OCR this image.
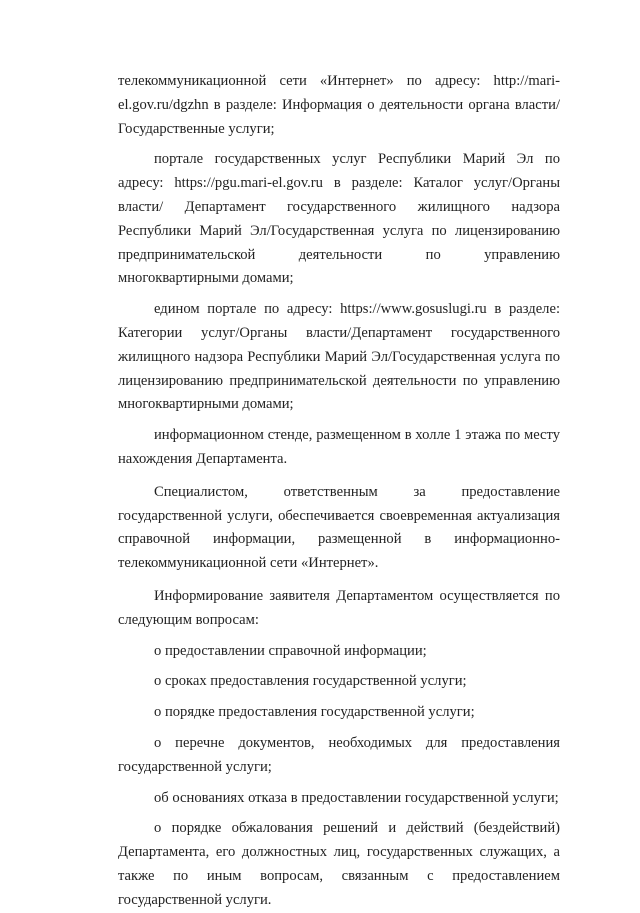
телекоммуникационной сети «Интернет» по адресу: http://mari-el.gov.ru/dgzhn в разделе: Информация о деятельности органа власти/Государственные услуги;

портале государственных услуг Республики Марий Эл по адресу: https://pgu.mari-el.gov.ru в разделе: Каталог услуг/Органы власти/ Департамент государственного жилищного надзора Республики Марий Эл/Государственная услуга по лицензированию предпринимательской деятельности по управлению многоквартирными домами;

едином портале по адресу: https://www.gosuslugi.ru в разделе: Категории услуг/Органы власти/Департамент государственного жилищного надзора Республики Марий Эл/Государственная услуга по лицензированию предпринимательской деятельности по управлению многоквартирными домами;

информационном стенде, размещенном в холле 1 этажа по месту нахождения Департамента.

Специалистом, ответственным за предоставление государственной услуги, обеспечивается своевременная актуализация справочной информации, размещенной в информационно-телекоммуникационной сети «Интернет».

Информирование заявителя Департаментом осуществляется по следующим вопросам:

о предоставлении справочной информации;

о сроках предоставления государственной услуги;

о порядке предоставления государственной услуги;

о перечне документов, необходимых для предоставления государственной услуги;

об основаниях отказа в предоставлении государственной услуги;

о порядке обжалования решений и действий (бездействий) Департамента, его должностных лиц, государственных служащих, а также по иным вопросам, связанным с предоставлением государственной услуги.
